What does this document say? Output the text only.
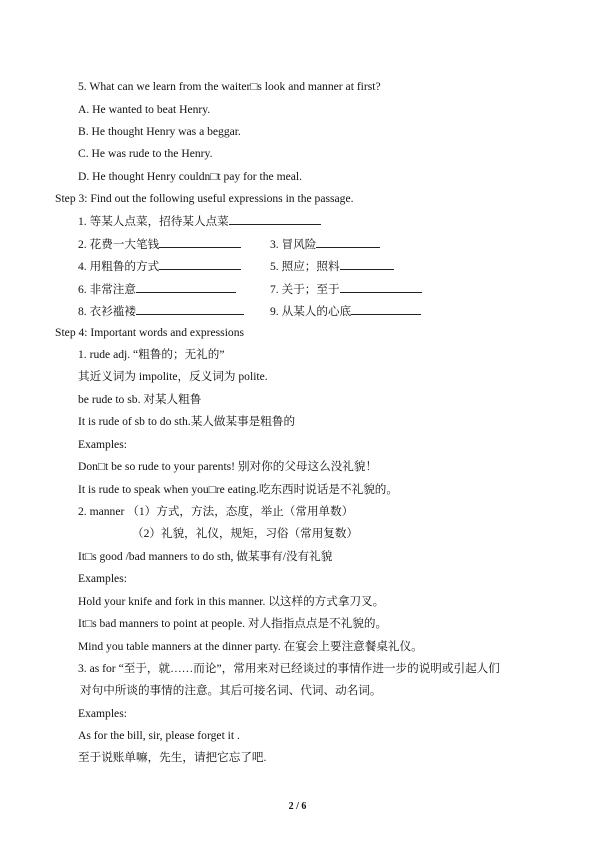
5. What can we learn from the waiter□s look and manner at first?
A. He wanted to beat Henry.
B. He thought Henry was a beggar.
C. He was rude to the Henry.
D. He thought Henry couldn□t pay for the meal.
Step 3: Find out the following useful expressions in the passage.
1. 等某人点菜，招待某人点菜
2. 花费一大笔钱	3. 冒风险
4. 用粗鲁的方式	5. 照应；照料
6. 非常注意	7. 关于；至于
8. 衣衫褴褛	9. 从某人的心底
Step 4: Important words and expressions
1. rude adj. “粗鲁的；无礼的”
其近义词为 impolite，反义词为 polite.
be rude to sb. 对某人粗鲁
It is rude of sb to do sth.某人做某事是粗鲁的
Examples:
Don□t be so rude to your parents! 别对你的父母这么没礼貌！
It is rude to speak when you□re eating.吃东西时说话是不礼貌的。
2. manner （1）方式，方法，态度，举止（常用单数）
（2）礼貌，礼仪，规矩，习俗（常用复数）
It□s good /bad manners to do sth, 做某事有/没有礼貌
Examples:
Hold your knife and fork in this manner. 以这样的方式拿刀叉。
It□s bad manners to point at people. 对人指指点点是不礼貌的。
Mind you table manners at the dinner party. 在宴会上要注意餐桌礼仪。
3. as for “至于，就……而论”，常用来对已经谈过的事情作进一步的说明或引起人们
对句中所谈的事情的注意。其后可接名词、代词、动名词。
Examples:
As for the bill, sir, please forget it .
至于说账单嘛，先生，请把它忘了吧.
2 / 6
